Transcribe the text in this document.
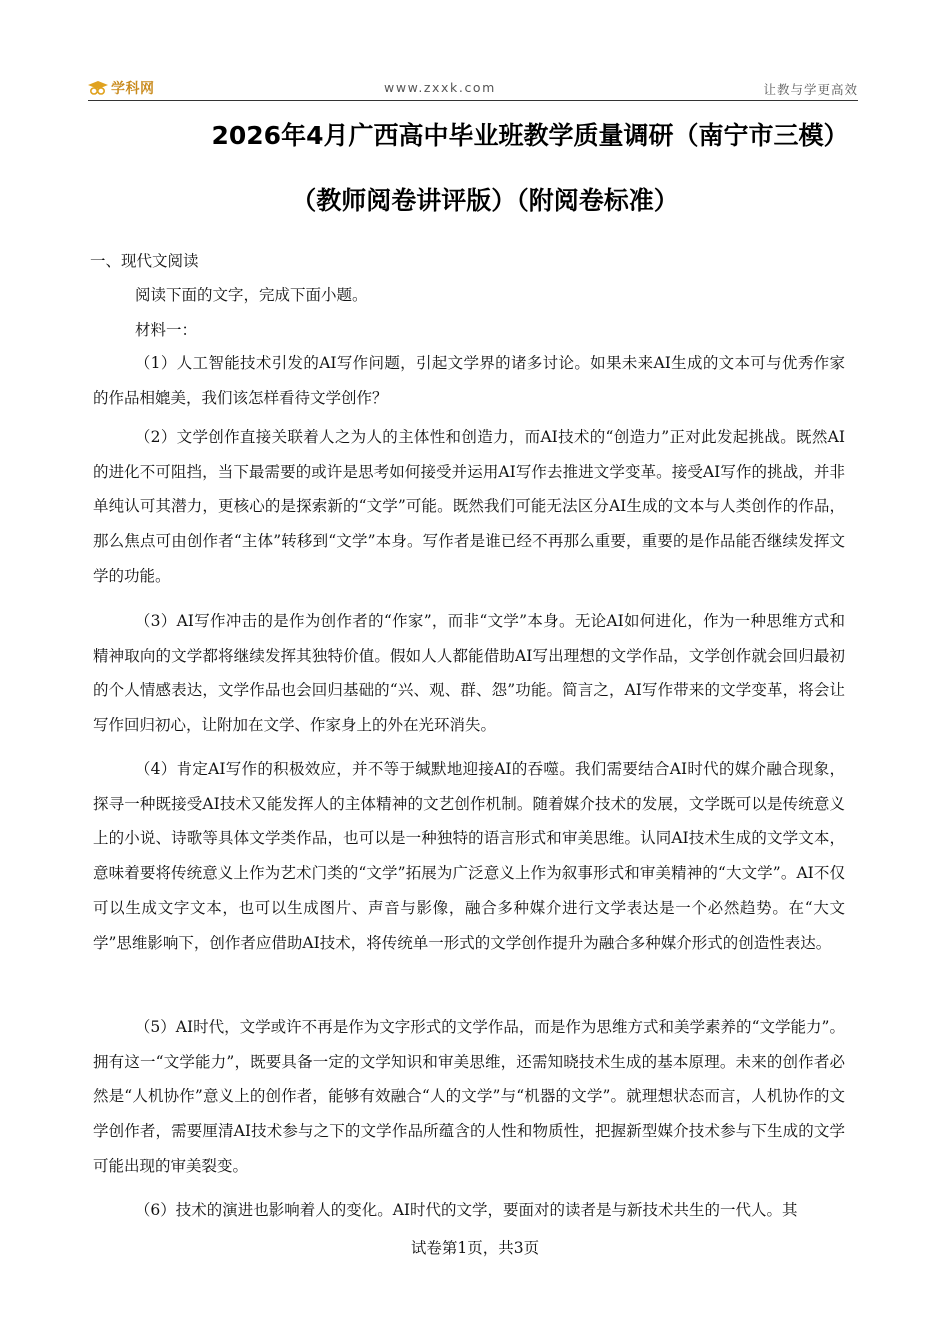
学科网	www.zxxk.com	让教与学更高效
2026年4月广西高中毕业班教学质量调研（南宁市三模）
（教师阅卷讲评版）（附阅卷标准）
一、现代文阅读
阅读下面的文字，完成下面小题。
材料一：

（1）人工智能技术引发的AI写作问题，引起文学界的诸多讨论。如果未来AI生成的文本可与优秀作家的作品相媲美，我们该怎样看待文学创作？

（2）文学创作直接关联着人之为人的主体性和创造力，而AI技术的“创造力”正对此发起挑战。既然AI的进化不可阻挡，当下最需要的或许是思考如何接受并运用AI写作去推进文学变革。接受AI写作的挑战，并非单纯认可其潜力，更核心的是探索新的“文学”可能。既然我们可能无法区分AI生成的文本与人类创作的作品，那么焦点可由创作者“主体”转移到“文学”本身。写作者是谁已经不再那么重要，重要的是作品能否继续发挥文学的功能。

（3）AI写作冲击的是作为创作者的“作家”，而非“文学”本身。无论AI如何进化，作为一种思维方式和精神取向的文学都将继续发挥其独特价值。假如人人都能借助AI写出理想的文学作品，文学创作就会回归最初的个人情感表达，文学作品也会回归基础的“兴、观、群、怨”功能。简言之，AI写作带来的文学变革，将会让写作回归初心，让附加在文学、作家身上的外在光环消失。

（4）肯定AI写作的积极效应，并不等于缄默地迎接AI的吞噬。我们需要结合AI时代的媒介融合现象，探寻一种既接受AI技术又能发挥人的主体精神的文艺创作机制。随着媒介技术的发展，文学既可以是传统意义上的小说、诗歌等具体文学类作品，也可以是一种独特的语言形式和审美思维。认同AI技术生成的文学文本，意味着要将传统意义上作为艺术门类的“文学”拓展为广泛意义上作为叙事形式和审美精神的“大文学”。AI不仅可以生成文字文本，也可以生成图片、声音与影像，融合多种媒介进行文学表达是一个必然趋势。在“大文学”思维影响下，创作者应借助AI技术，将传统单一形式的文学创作提升为融合多种媒介形式的创造性表达。

（5）AI时代，文学或许不再是作为文字形式的文学作品，而是作为思维方式和美学素养的“文学能力”。拥有这一“文学能力”，既要具备一定的文学知识和审美思维，还需知晓技术生成的基本原理。未来的创作者必然是“人机协作”意义上的创作者，能够有效融合“人的文学”与“机器的文学”。就理想状态而言，人机协作的文学创作者，需要厘清AI技术参与之下的文学作品所蕴含的人性和物质性，把握新型媒介技术参与下生成的文学可能出现的审美裂变。

（6）技术的演进也影响着人的变化。AI时代的文学，要面对的读者是与新技术共生的一代人。其

试卷第1页，共3页
